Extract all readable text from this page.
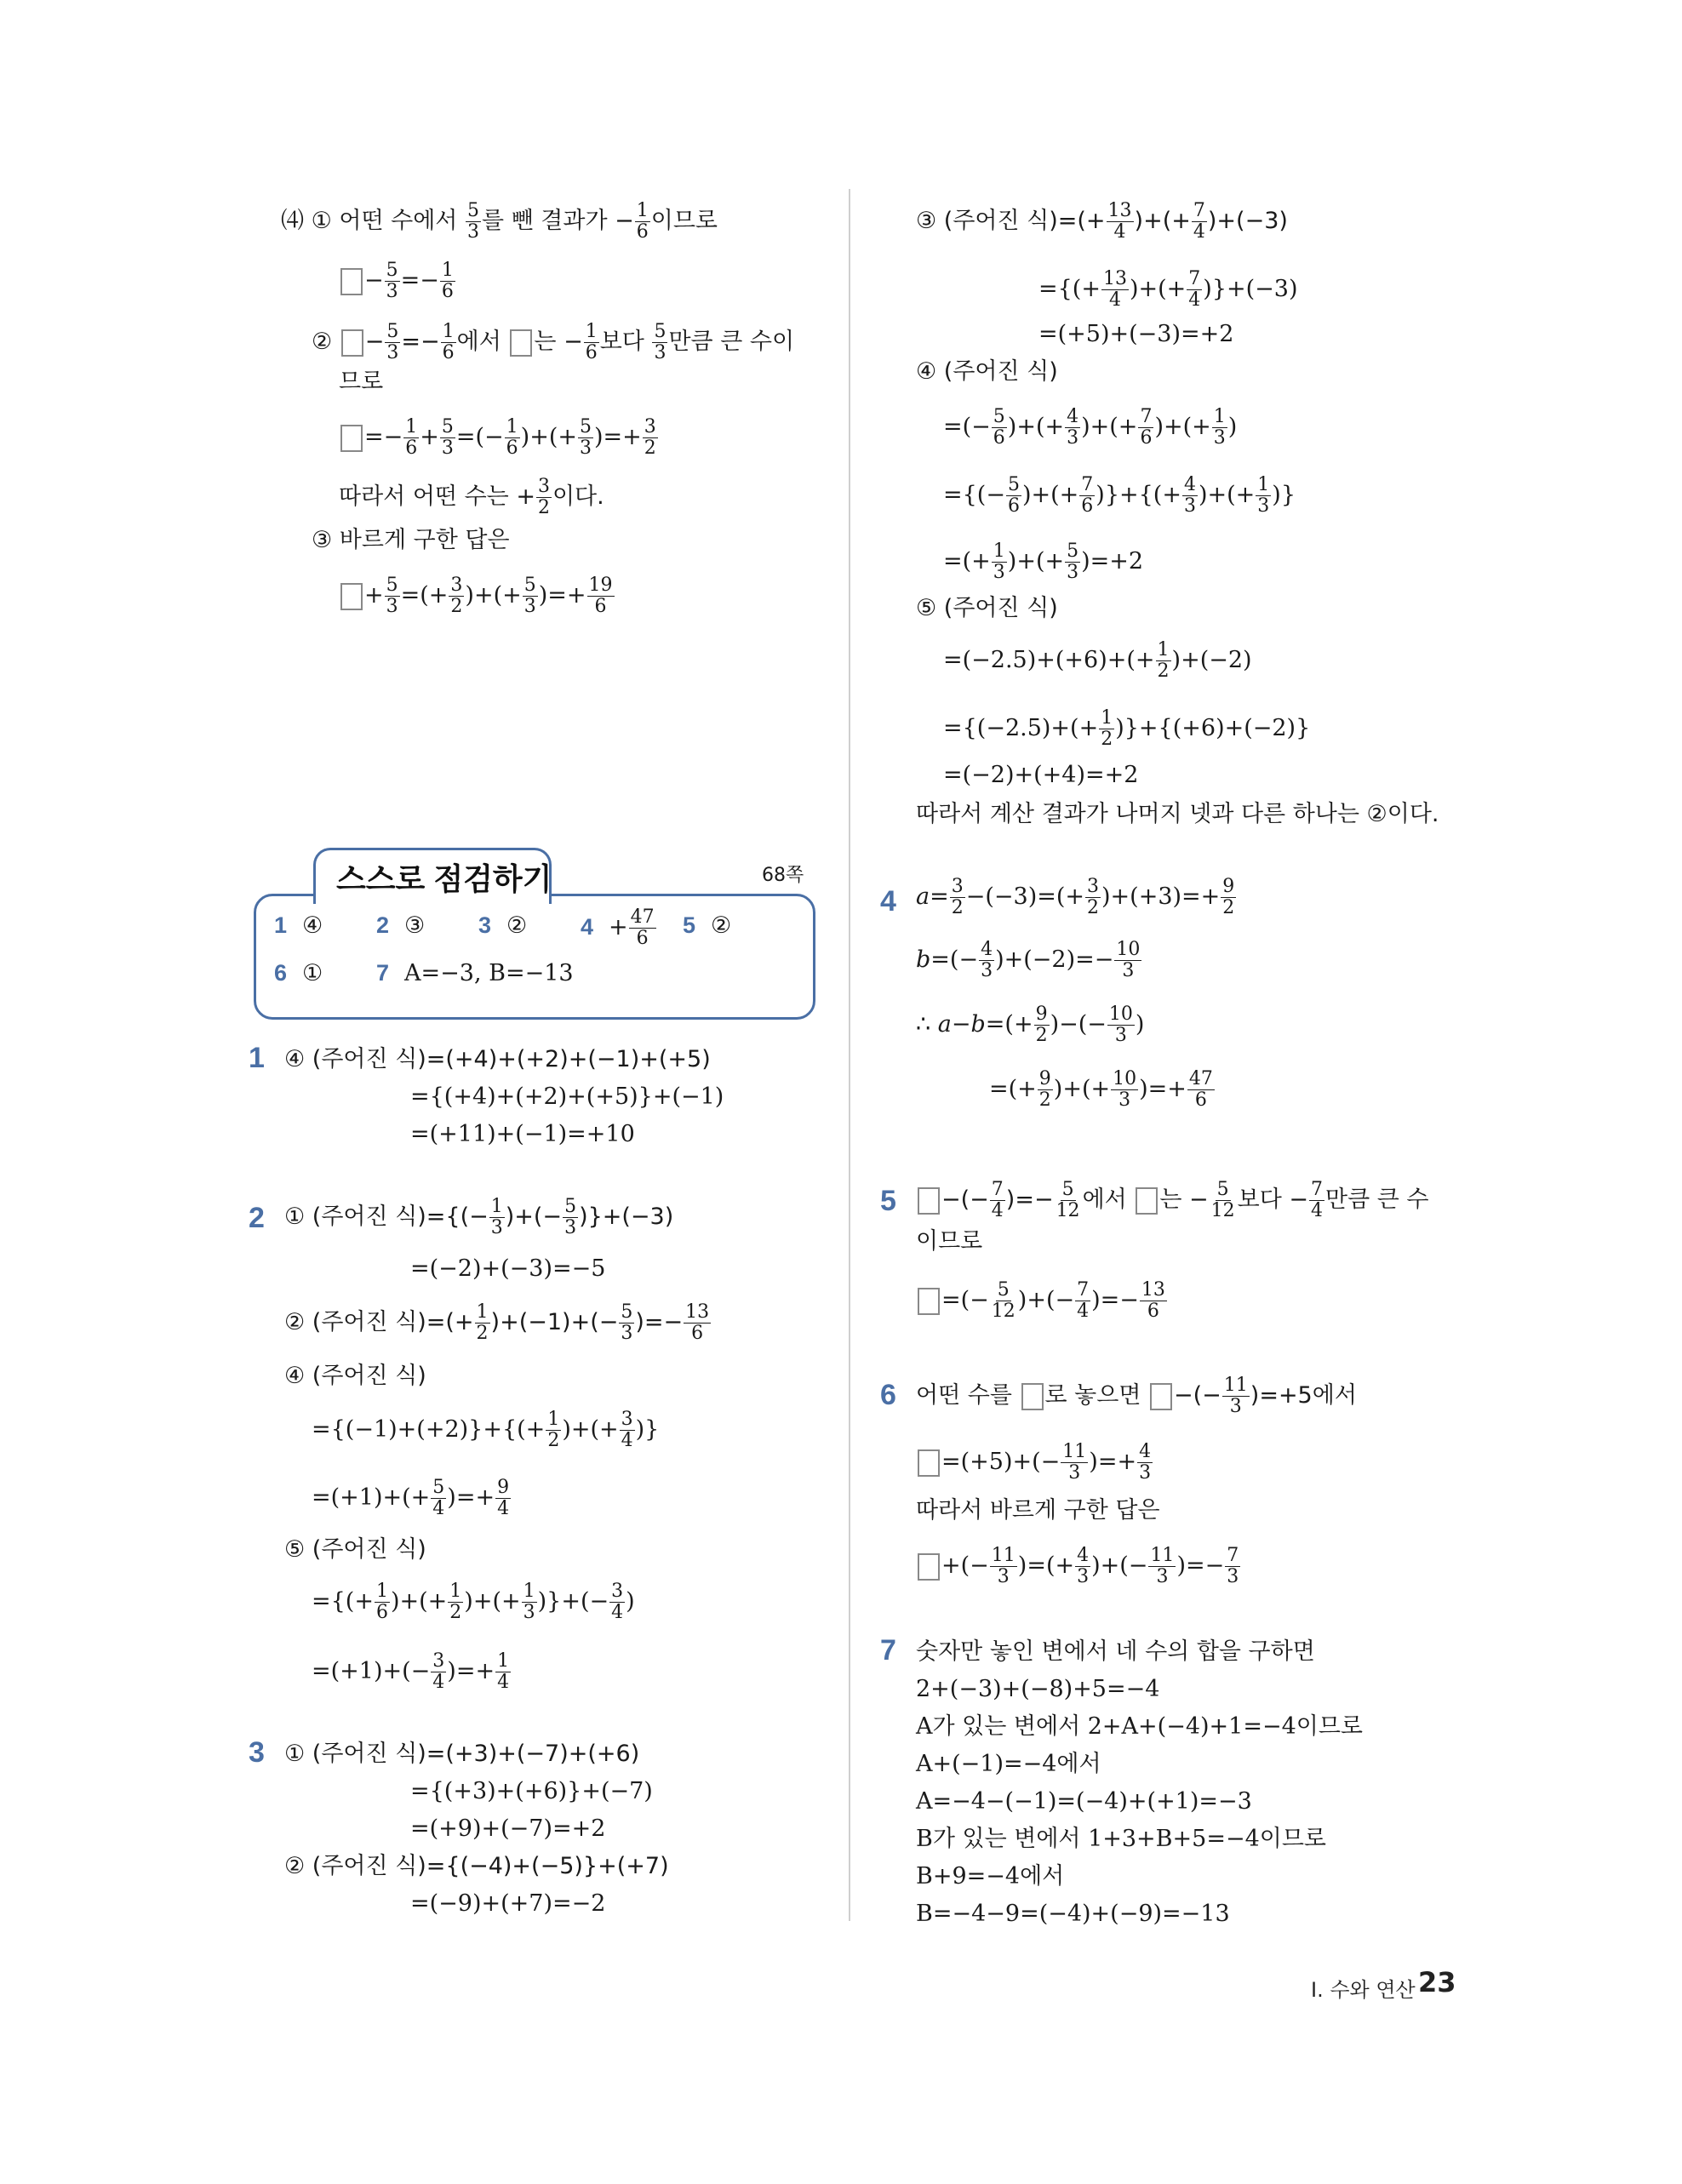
⑷ ① 어떤 수에서 $\frac{5}{3}$ 를 뺀 결과가 − $\frac{1}{6}$ 이므로
− $\frac{5}{3} =- \frac{1}{6}$
② − $\frac{5}{3} =- \frac{1}{6}$ 에서 는 − $\frac{1}{6}$ 보다 $\frac{5}{3}$ 만큼 큰 수이
므로
=− $\frac{1}{6} + \frac{5}{3}$ =(− $\frac{1}{6}$ )+(+ $\frac{5}{3}$ )=+ $\frac{3}{2}$
따라서 어떤 수는 + $\frac{3}{2}$ 이다.
③ 바르게 구한 답은
+ $\frac{5}{3}$ =(+ $\frac{3}{2}$ )+(+ $\frac{5}{3}$ )=+ $\frac{19}{6}$
스스로 점검하기	68쪽
1 ④ 2 ③ 3 ② $4 + \frac{47}{6} 5$ ②
6 ① 7 A=−3, B=−13
1 ④ (주어진 식)=(+4)+(+2)+(−1)+(+5)
={(+4)+(+2)+(+5)}+(−1)
=(+11)+(−1)=+10
2 ① (주어진 식)={(− $\frac{1}{3}$ )+(− $\frac{5}{3} )\}+(-3)$
=(−2)+(−3)=−5
② (주어진 식)=(+ $\frac{1}{2} )+(-1)+(- \frac{5}{3}$ )=− $\frac{13}{6}$
④ (주어진 식)
$=\{(-1)+(+2)\}+\{(+ \frac{1}{2}$ )+(+ $\frac{3}{4}$ )}
$=(+1)+(+ \frac{5}{4}$ )=+ $\frac{9}{4}$
⑤ (주어진 식)
={(+ $\frac{1}{6}$ )+(+ $\frac{1}{2}$ )+(+ $\frac{1}{3}$ )}+(− $\frac{3}{4}$ )
$=(+1)+(- \frac{3}{4}$ )=+ $\frac{1}{4}$
3 ① (주어진 식)=(+3)+(−7)+(+6)
={(+3)+(+6)}+(−7)
=(+9)+(−7)=+2
② (주어진 식)={(−4)+(−5)}+(+7)
=(−9)+(+7)=−2
③ (주어진 식)=(+ $\frac{13}{4}$ )+(+ $\frac{7}{4} )+(-3)$
={(+ $\frac{13}{4}$ )+(+ $\frac{7}{4} )\}+(-3)$
=(+5)+(−3)=+2
④ (주어진 식)
=(− $\frac{5}{6}$ )+(+ $\frac{4}{3}$ )+(+ $\frac{7}{6}$ )+(+ $\frac{1}{3}$ )
={(− $\frac{5}{6}$ )+(+ $\frac{7}{6}$ )}+{(+ $\frac{4}{3}$ )+(+ $\frac{1}{3}$ )}
=(+ $\frac{1}{3}$ )+(+ $\frac{5}{3} )=+2$
⑤ (주어진 식)
$=(-2.5)+(+6)+(+ \frac{1}{2} )+(-2)$
$=\{(-2.5)+(+ \frac{1}{2} )\}+\{(+6)+(-2)\}$
=(−2)+(+4)=+2
따라서 계산 결과가 나머지 넷과 다른 하나는 ②이다.
4 $a= \frac{3}{2} -(-3)=(+ \frac{3}{2} )+(+3)=+ \frac{9}{2}$
$b=(- \frac{4}{3} )+(-2)=- \frac{10}{3}$
∴ $a-b=(+ \frac{9}{2}$ )−(− $\frac{10}{3}$ )
=(+ $\frac{9}{2}$ )+(+ $\frac{10}{3}$ )=+ $\frac{47}{6}$
5	−(− $\frac{7}{4}$ )=− $\frac{5}{12}$ 에서 는 − $\frac{5}{12}$ 보다 − $\frac{7}{4}$ 만큼 큰 수
이므로
=(− $\frac{5}{12}$ )+(− $\frac{7}{4}$ )=− $\frac{13}{6}$
6 어떤 수를 로 놓으면 −(− $\frac{11}{3} )=+5$에서
$=(+5)+(- \frac{11}{3}$ )=+ $\frac{4}{3}$
따라서 바르게 구한 답은
+(− $\frac{11}{3}$ )=(+ $\frac{4}{3}$ )+(− $\frac{11}{3}$ )=− $\frac{7}{3}$
7 숫자만 놓인 변에서 네 수의 합을 구하면
2+(−3)+(−8)+5=−4
A가 있는 변에서 2+A+(−4)+1=−4이므로
A+(−1)=−4에서
A=−4−(−1)=(−4)+(+1)=−3
B가 있는 변에서 1+3+B+5=−4이므로
B+9=−4에서
B=−4−9=(−4)+(−9)=−13
I. 수와 연산 23
